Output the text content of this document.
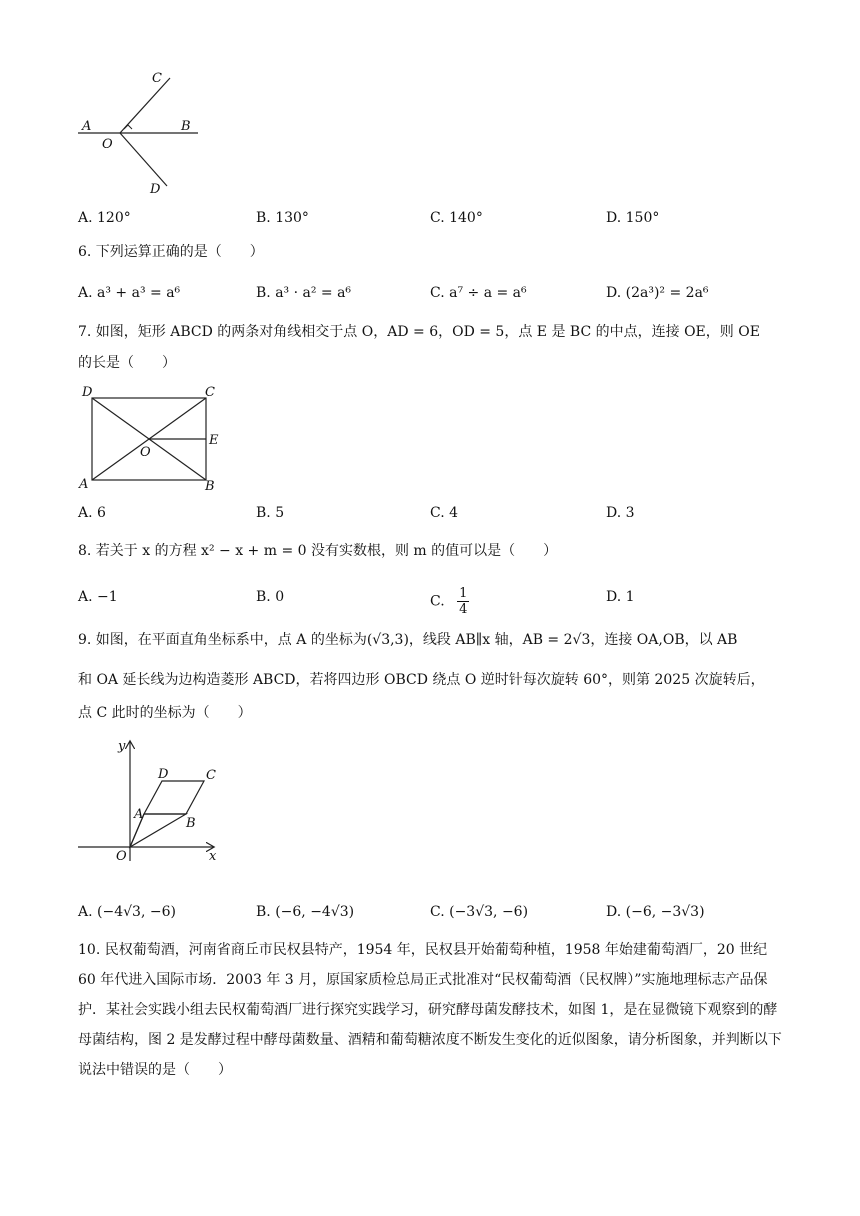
A	B
C
D
O
A. 120°	B. 130°	C. 140°	D. 150°
6. 下列运算正确的是（　　）
A. a³ + a³ = a⁶	B. a³ · a² = a⁶	C. a⁷ ÷ a = a⁶	D. (2a³)² = 2a⁶
7. 如图，矩形 ABCD 的两条对角线相交于点 O，AD = 6，OD = 5，点 E 是 BC 的中点，连接 OE，则 OE
的长是（　　）
D	C
A	B
E
O
A. 6	B. 5	C. 4	D. 3
8. 若关于 x 的方程 x² − x + m = 0 没有实数根，则 m 的值可以是（　　）
A. −1	B. 0	C. $\frac{1}{4}$	D. 1
9. 如图，在平面直角坐标系中，点 A 的坐标为(√3,3)，线段 AB∥x 轴，AB = 2√3，连接 OA,OB，以 AB
和 OA 延长线为边构造菱形 ABCD，若将四边形 OBCD 绕点 O 逆时针每次旋转 60°，则第 2025 次旋转后，
点 C 此时的坐标为（　　）
y
x
O
A
B
C
D
A. (−4√3, −6)	B. (−6, −4√3)	C. (−3√3, −6)	D. (−6, −3√3)
10. 民权葡萄酒，河南省商丘市民权县特产，1954 年，民权县开始葡萄种植，1958 年始建葡萄酒厂，20 世纪 60 年代进入国际市场．2003 年 3 月，原国家质检总局正式批准对“民权葡萄酒（民权牌）”实施地理标志产品保护．某社会实践小组去民权葡萄酒厂进行探究实践学习，研究酵母菌发酵技术，如图 1，是在显微镜下观察到的酵母菌结构，图 2 是发酵过程中酵母菌数量、酒精和葡萄糖浓度不断发生变化的近似图象，请分析图象，并判断以下说法中错误的是（　　）
